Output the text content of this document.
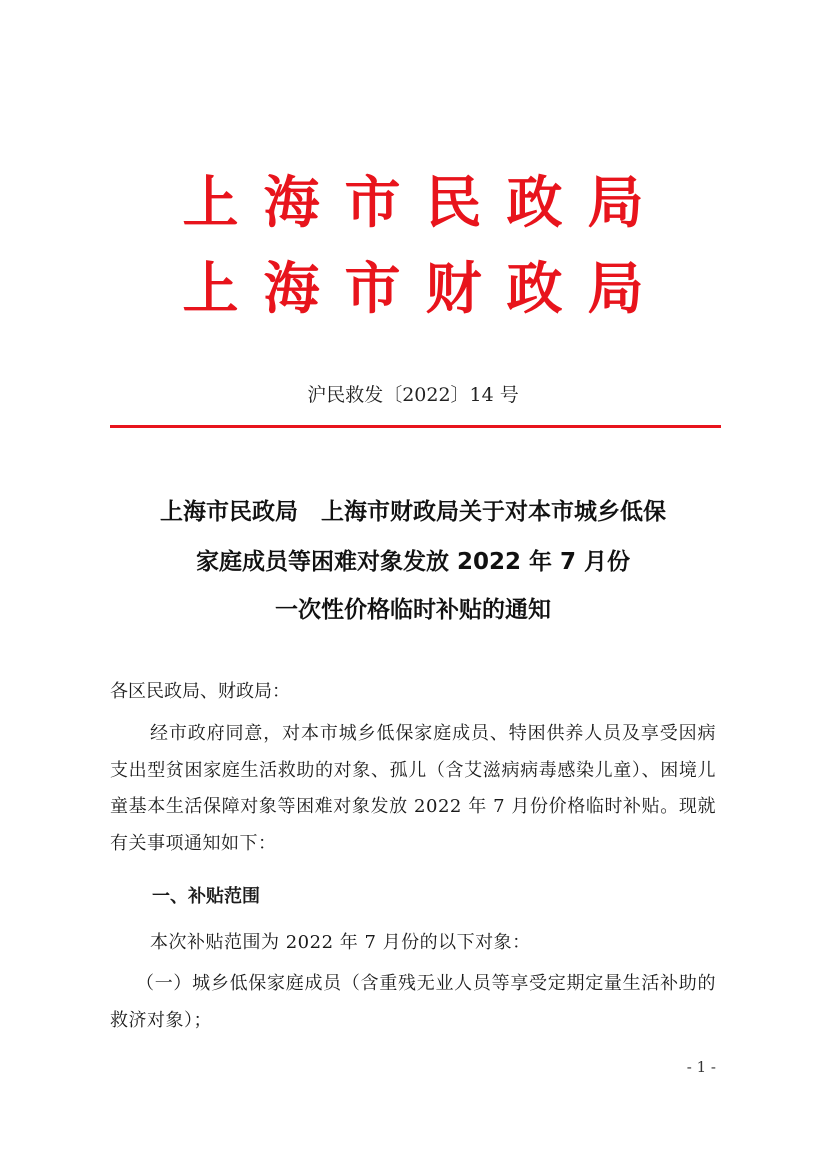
上海市民政局
上海市财政局
沪民救发〔2022〕14 号
上海市民政局　上海市财政局关于对本市城乡低保
家庭成员等困难对象发放 2022 年 7 月份
一次性价格临时补贴的通知
各区民政局、财政局：
经市政府同意，对本市城乡低保家庭成员、特困供养人员及享受因病支出型贫困家庭生活救助的对象、孤儿（含艾滋病病毒感染儿童）、困境儿童基本生活保障对象等困难对象发放 2022 年 7 月份价格临时补贴。现就有关事项通知如下：
一、补贴范围
本次补贴范围为 2022 年 7 月份的以下对象：
（一）城乡低保家庭成员（含重残无业人员等享受定期定量生活补助的救济对象）；
- 1 -
